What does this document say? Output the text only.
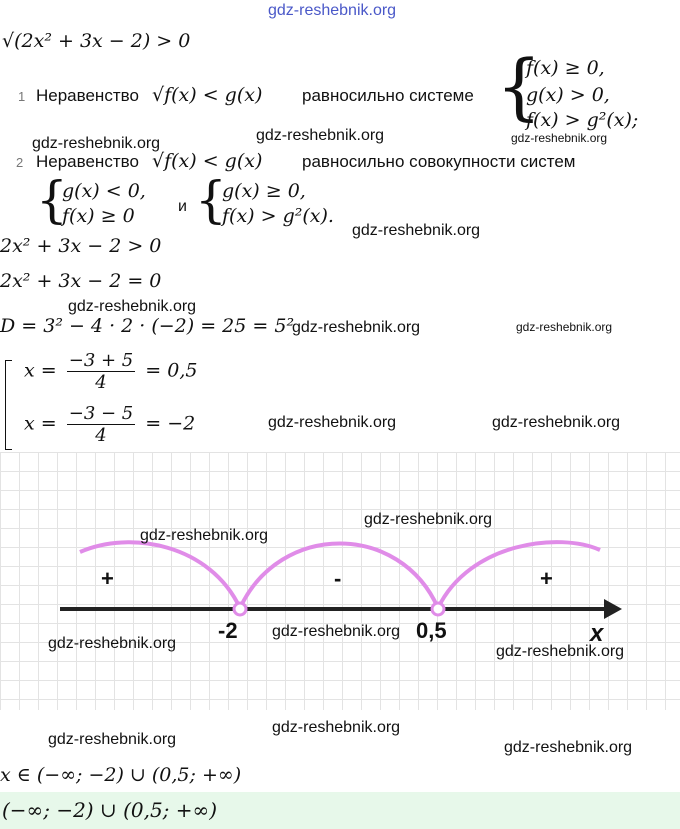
gdz-reshebnik.org
√(2x² + 3x − 2) > 0
1 Неравенство √f(x) < g(x) равносильно системе {
f(x) ≥ 0,
g(x) > 0,
f(x) > g²(x);
gdz-reshebnik.org	gdz-reshebnik.org	gdz-reshebnik.org
2 Неравенство √f(x) < g(x) равносильно совокупности систем
{
g(x) < 0,
f(x) ≥ 0	и {
g(x) ≥ 0,
f(x) > g²(x).
gdz-reshebnik.org
2x² + 3x − 2 > 0
2x² + 3x − 2 = 0
gdz-reshebnik.org
D = 3² − 4 · 2 · (−2) = 25 = 5²
gdz-reshebnik.org	gdz-reshebnik.org
$x = \frac{-3 + 5}{4} = 0,5$
$x = \frac{-3 - 5}{4} = -2$	gdz-reshebnik.org	gdz-reshebnik.org
+	-	+
-2	0,5	x
gdz-reshebnik.org
gdz-reshebnik.org
gdz-reshebnik.org
gdz-reshebnik.org
gdz-reshebnik.org
gdz-reshebnik.org
gdz-reshebnik.org
gdz-reshebnik.org
x ∈ (−∞; −2) ∪ (0,5; +∞)
(−∞; −2) ∪ (0,5; +∞)
